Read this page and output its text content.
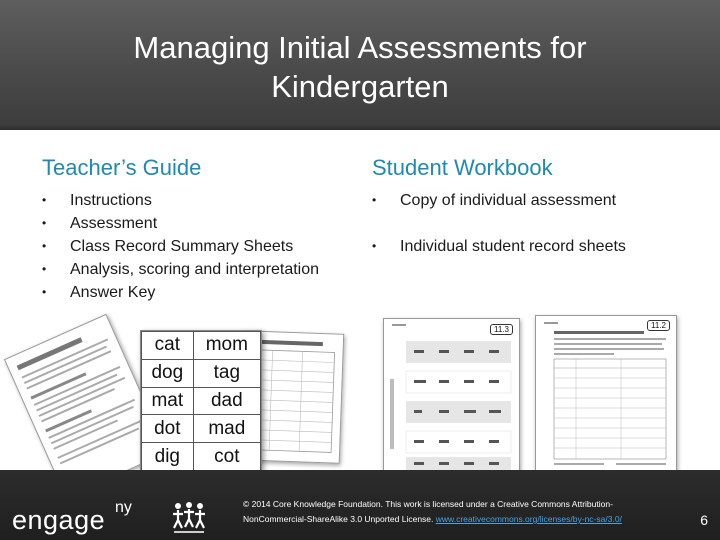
Managing Initial Assessments for
Kindergarten
Teacher’s Guide
• Instructions
• Assessment
• Class Record Summary Sheets
• Analysis, scoring and interpretation
• Answer Key
Student Workbook
• Copy of individual assessment
• Individual student record sheets
cat	mom
dog	tag
mat	dad
dot	mad
dig	cot
11.3	11.2
engage ny	© 2014 Core Knowledge Foundation. This work is licensed under a Creative Commons Attribution-
NonCommercial-ShareAlike 3.0 Unported License. www.creativecommons.org/licenses/by-nc-sa/3.0/	6
